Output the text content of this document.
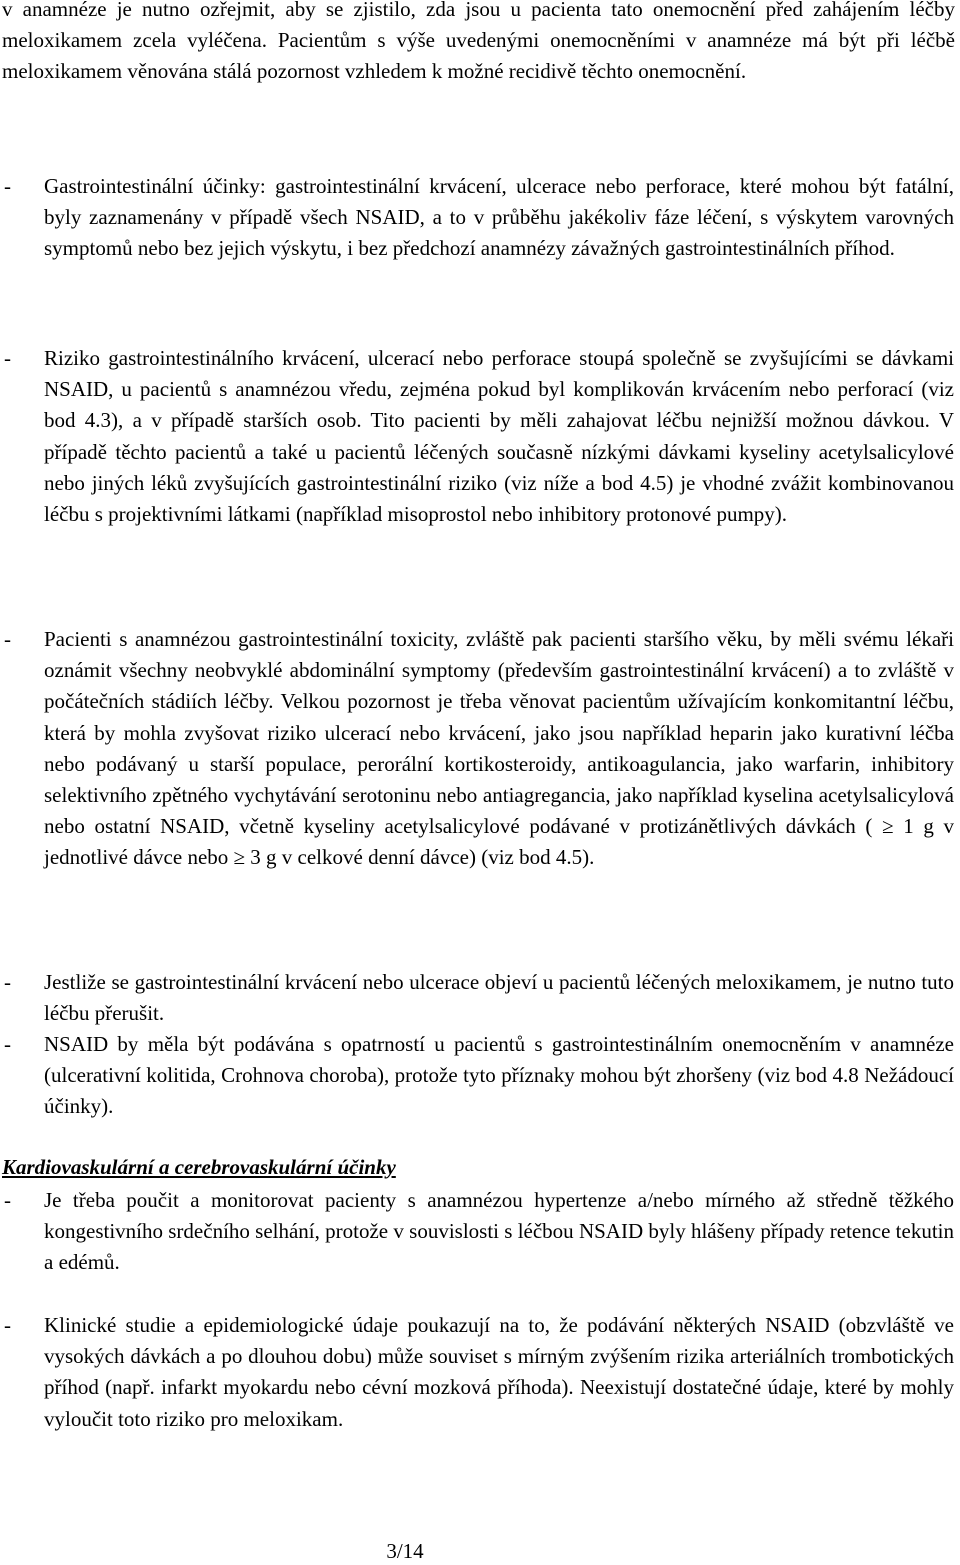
v anamnéze je nutno ozřejmit, aby se zjistilo, zda jsou u pacienta tato onemocnění před zahájením léčby meloxikamem zcela vyléčena. Pacientům s výše uvedenými onemocněními v anamnéze má být při léčbě meloxikamem věnována stálá pozornost vzhledem k možné recidivě těchto onemocnění.

- Gastrointestinální účinky: gastrointestinální krvácení, ulcerace nebo perforace, které mohou být fatální, byly zaznamenány v případě všech NSAID, a to v průběhu jakékoliv fáze léčení, s výskytem varovných symptomů nebo bez jejich výskytu, i bez předchozí anamnézy závažných gastrointestinálních příhod.

- Riziko gastrointestinálního krvácení, ulcerací nebo perforace stoupá společně se zvyšujícími se dávkami NSAID, u pacientů s anamnézou vředu, zejména pokud byl komplikován krvácením nebo perforací (viz bod 4.3), a v případě starších osob. Tito pacienti by měli zahajovat léčbu nejnižší možnou dávkou. V případě těchto pacientů a také u pacientů léčených současně nízkými dávkami kyseliny acetylsalicylové nebo jiných léků zvyšujících gastrointestinální riziko (viz níže a bod 4.5) je vhodné zvážit kombinovanou léčbu s projektivními látkami (například misoprostol nebo inhibitory protonové pumpy).

- Pacienti s anamnézou gastrointestinální toxicity, zvláště pak pacienti staršího věku, by měli svému lékaři oznámit všechny neobvyklé abdominální symptomy (především gastrointestinální krvácení) a to zvláště v počátečních stádiích léčby. Velkou pozornost je třeba věnovat pacientům užívajícím konkomitantní léčbu, která by mohla zvyšovat riziko ulcerací nebo krvácení, jako jsou například heparin jako kurativní léčba nebo podávaný u starší populace, perorální kortikosteroidy, antikoagulancia, jako warfarin, inhibitory selektivního zpětného vychytávání serotoninu nebo antiagregancia, jako například kyselina acetylsalicylová nebo ostatní NSAID, včetně kyseliny acetylsalicylové podávané v protizánětlivých dávkách ( ≥ 1 g v jednotlivé dávce nebo ≥ 3 g v celkové denní dávce) (viz bod 4.5).

- Jestliže se gastrointestinální krvácení nebo ulcerace objeví u pacientů léčených meloxikamem, je nutno tuto léčbu přerušit.

- NSAID by měla být podávána s opatrností u pacientů s gastrointestinálním onemocněním v anamnéze (ulcerativní kolitida, Crohnova choroba), protože tyto příznaky mohou být zhoršeny (viz bod 4.8 Nežádoucí účinky).

Kardiovaskulární a cerebrovaskulární účinky

- Je třeba poučit a monitorovat pacienty s anamnézou hypertenze a/nebo mírného až středně těžkého kongestivního srdečního selhání, protože v souvislosti s léčbou NSAID byly hlášeny případy retence tekutin a edémů.

- Klinické studie a epidemiologické údaje poukazují na to, že podávání některých NSAID (obzvláště ve vysokých dávkách a po dlouhou dobu) může souviset s mírným zvýšením rizika arteriálních trombotických příhod (např. infarkt myokardu nebo cévní mozková příhoda). Neexistují dostatečné údaje, které by mohly vyloučit toto riziko pro meloxikam.

3/14
